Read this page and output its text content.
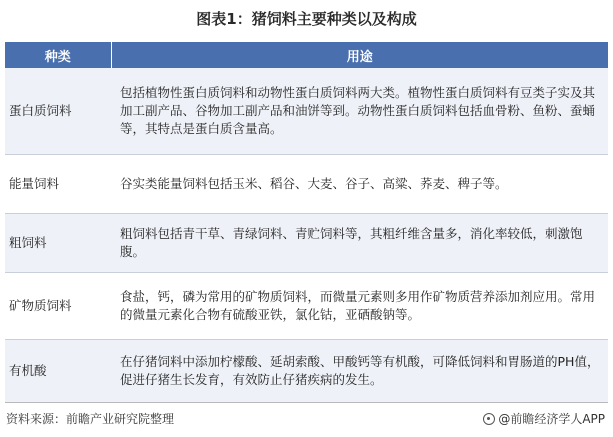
图表1：猪饲料主要种类以及构成
种类	用途
蛋白质饲料	包括植物性蛋白质饲料和动物性蛋白质饲料两大类。植物性蛋白质饲料有豆类子实及其加工副产品、谷物加工副产品和油饼等到。动物性蛋白质饲料包括血骨粉、鱼粉、蚕蛹等，其特点是蛋白质含量高。
能量饲料	谷实类能量饲料包括玉米、稻谷、大麦、谷子、高粱、荞麦、稗子等。
粗饲料	粗饲料包括青干草、青绿饲料、青贮饲料等，其粗纤维含量多，消化率较低，刺激饱腹。
矿物质饲料	食盐，钙，磷为常用的矿物质饲料，而微量元素则多用作矿物质营养添加剂应用。常用的微量元素化合物有硫酸亚铁，氯化钴，亚硒酸钠等。
有机酸	在仔猪饲料中添加柠檬酸、延胡索酸、甲酸钙等有机酸，可降低饲料和胃肠道的PH值，促进仔猪生长发育，有效防止仔猪疾病的发生。
资料来源：前瞻产业研究院整理	@前瞻经济学人APP
